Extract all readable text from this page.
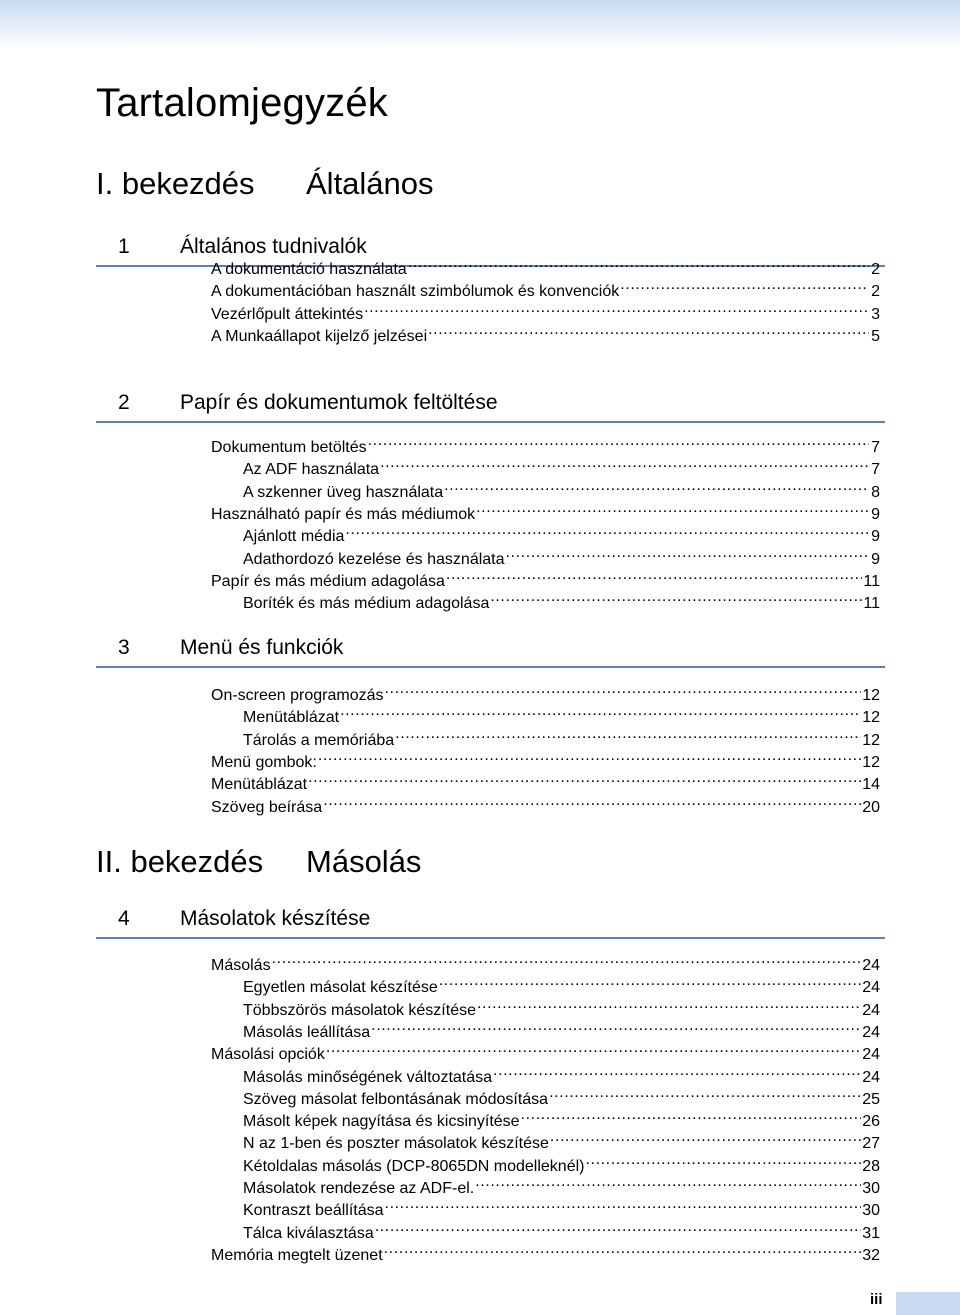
Tartalomjegyzék
I. bekezdés Általános
II. bekezdés Másolás
1 Általános tudnivalók
2 Papír és dokumentumok feltöltése
3 Menü és funkciók
4 Másolatok készítése
A dokumentáció használata .....	2
A dokumentációban használt szimbólumok és konvenciók .....	2
Vezérlőpult áttekintés .....	3
A Munkaállapot kijelző jelzései .....	5
Dokumentum betöltés .....	7
Az ADF használata .....	7
A szkenner üveg használata .....	8
Használható papír és más médiumok .....	9
Ajánlott média .....	9
Adathordozó kezelése és használata .....	9
Papír és más médium adagolása .....	11
Boríték és más médium adagolása .....	11
On-screen programozás .....	12
Menütáblázat .....	12
Tárolás a memóriába .....	12
Menü gombok: .....	12
Menütáblázat .....	14
Szöveg beírása .....	20
Másolás .....	24
Egyetlen másolat készítése .....	24
Többszörös másolatok készítése .....	24
Másolás leállítása .....	24
Másolási opciók .....	24
Másolás minőségének változtatása .....	24
Szöveg másolat felbontásának módosítása .....	25
Másolt képek nagyítása és kicsinyítése .....	26
N az 1-ben és poszter másolatok készítése .....	27
Kétoldalas másolás (DCP-8065DN modelleknél) .....	28
Másolatok rendezése az ADF-el. .....	30
Kontraszt beállítása .....	30
Tálca kiválasztása .....	31
Memória megtelt üzenet .....	32
iii
